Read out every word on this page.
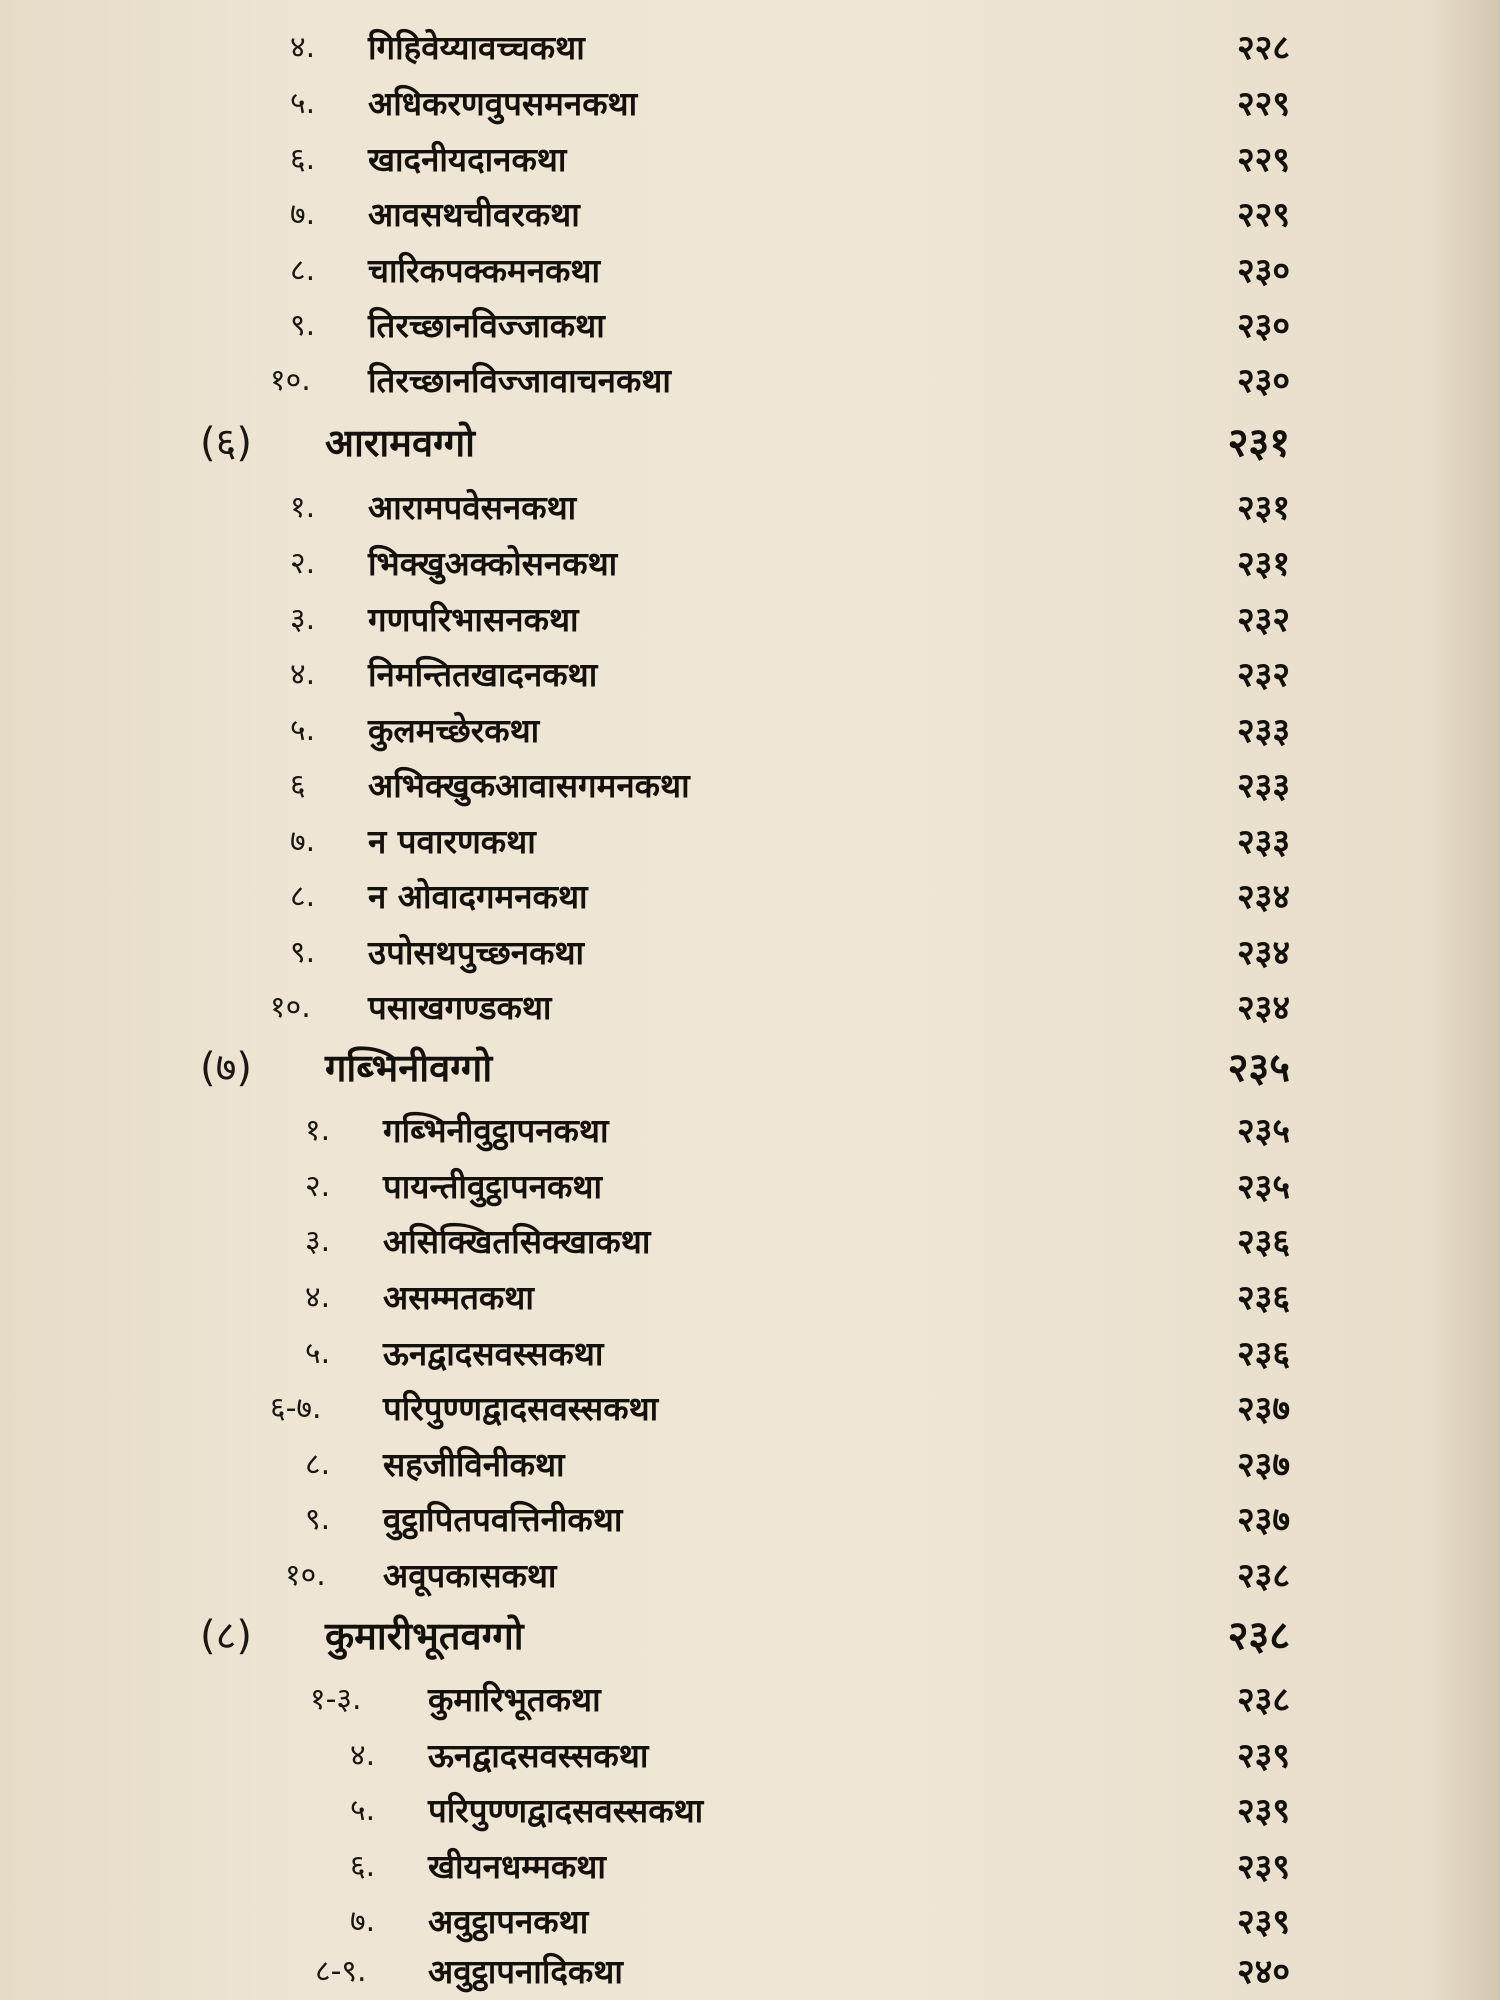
४. गिहिवेय्यावच्चकथा	२२८
५. अधिकरणवुपसमनकथा	२२९
६. खादनीयदानकथा	२२९
७. आवसथचीवरकथा	२२९
८. चारिकपक्कमनकथा	२३०
९. तिरच्छानविज्जाकथा	२३०
१०. तिरच्छानविज्जावाचनकथा	२३०
(६) आरामवग्गो	२३१
१. आरामपवेसनकथा	२३१
२. भिक्खुअक्कोसनकथा	२३१
३. गणपरिभासनकथा	२३२
४. निमन्तितखादनकथा	२३२
५. कुलमच्छेरकथा	२३३
६ अभिक्खुकआवासगमनकथा	२३३
७. न पवारणकथा	२३३
८. न ओवादगमनकथा	२३४
९. उपोसथपुच्छनकथा	२३४
१०. पसाखगण्डकथा	२३४
(७) गब्भिनीवग्गो	२३५
१. गब्भिनीवुट्ठापनकथा	२३५
२. पायन्तीवुट्ठापनकथा	२३५
३. असिक्खितसिक्खाकथा	२३६
४. असम्मतकथा	२३६
५. ऊनद्वादसवस्सकथा	२३६
६-७. परिपुण्णद्वादसवस्सकथा	२३७
८. सहजीविनीकथा	२३७
९. वुट्ठापितपवत्तिनीकथा	२३७
१०. अवूपकासकथा	२३८
(८) कुमारीभूतवग्गो	२३८
१-३. कुमारिभूतकथा	२३८
४. ऊनद्वादसवस्सकथा	२३९
५. परिपुण्णद्वादसवस्सकथा	२३९
६. खीयनधम्मकथा	२३९
७. अवुट्ठापनकथा	२३९
८-९. अवुट्ठापनादिकथा	२४०
